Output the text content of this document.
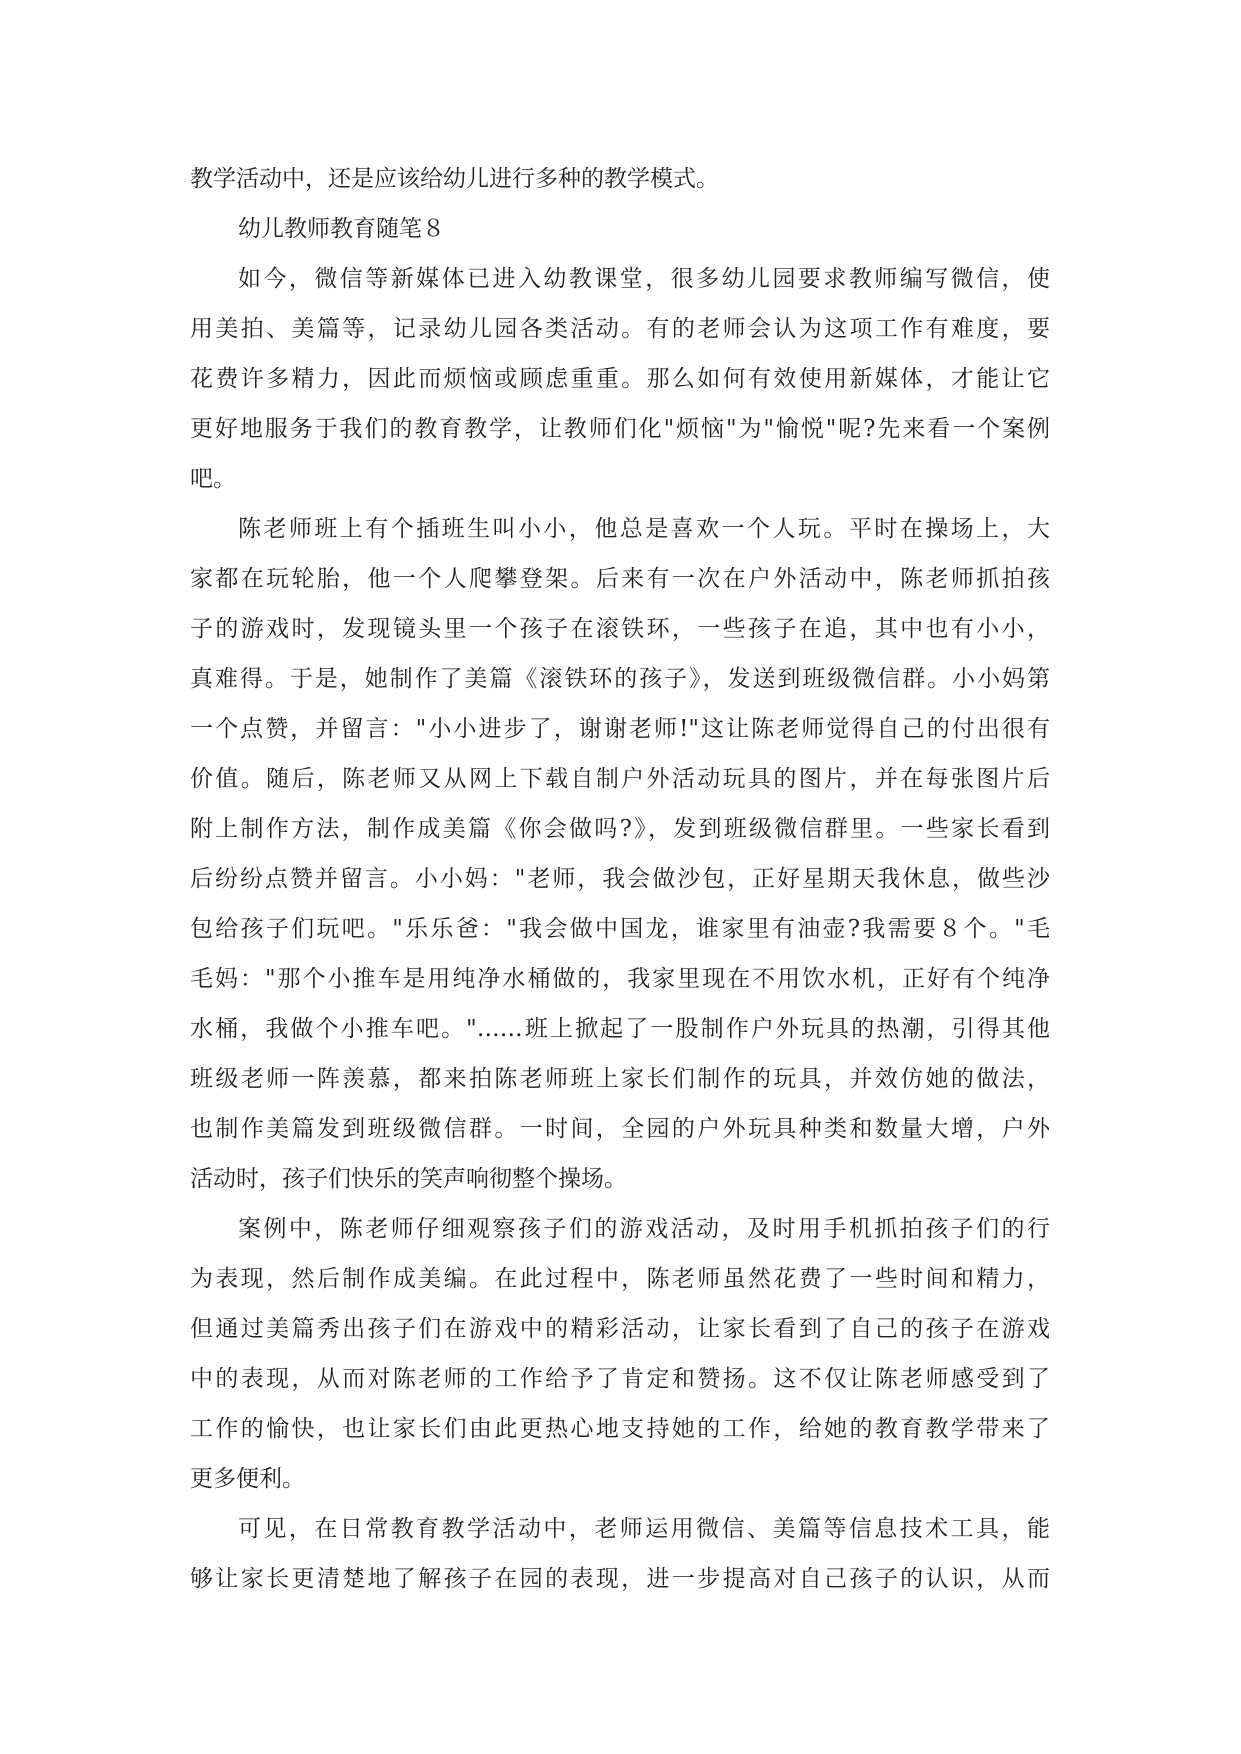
教学活动中，还是应该给幼儿进行多种的教学模式。
幼儿教师教育随笔８
如今，微信等新媒体已进入幼教课堂，很多幼儿园要求教师编写微信，使
用美拍、美篇等，记录幼儿园各类活动。有的老师会认为这项工作有难度，要
花费许多精力，因此而烦恼或顾虑重重。那么如何有效使用新媒体，才能让它
更好地服务于我们的教育教学，让教师们化"烦恼"为"愉悦"呢?先来看一个案例
吧。
陈老师班上有个插班生叫小小，他总是喜欢一个人玩。平时在操场上，大
家都在玩轮胎，他一个人爬攀登架。后来有一次在户外活动中，陈老师抓拍孩
子的游戏时，发现镜头里一个孩子在滚铁环，一些孩子在追，其中也有小小，
真难得。于是，她制作了美篇《滚铁环的孩子》，发送到班级微信群。小小妈第
一个点赞，并留言："小小进步了，谢谢老师!"这让陈老师觉得自己的付出很有
价值。随后，陈老师又从网上下载自制户外活动玩具的图片，并在每张图片后
附上制作方法，制作成美篇《你会做吗?》，发到班级微信群里。一些家长看到
后纷纷点赞并留言。小小妈："老师，我会做沙包，正好星期天我休息，做些沙
包给孩子们玩吧。"乐乐爸："我会做中国龙，谁家里有油壶?我需要８个。"毛
毛妈："那个小推车是用纯净水桶做的，我家里现在不用饮水机，正好有个纯净
水桶，我做个小推车吧。"……班上掀起了一股制作户外玩具的热潮，引得其他
班级老师一阵羡慕，都来拍陈老师班上家长们制作的玩具，并效仿她的做法，
也制作美篇发到班级微信群。一时间，全园的户外玩具种类和数量大增，户外
活动时，孩子们快乐的笑声响彻整个操场。
案例中，陈老师仔细观察孩子们的游戏活动，及时用手机抓拍孩子们的行
为表现，然后制作成美编。在此过程中，陈老师虽然花费了一些时间和精力，
但通过美篇秀出孩子们在游戏中的精彩活动，让家长看到了自己的孩子在游戏
中的表现，从而对陈老师的工作给予了肯定和赞扬。这不仅让陈老师感受到了
工作的愉快，也让家长们由此更热心地支持她的工作，给她的教育教学带来了
更多便利。
可见，在日常教育教学活动中，老师运用微信、美篇等信息技术工具，能
够让家长更清楚地了解孩子在园的表现，进一步提高对自己孩子的认识，从而
